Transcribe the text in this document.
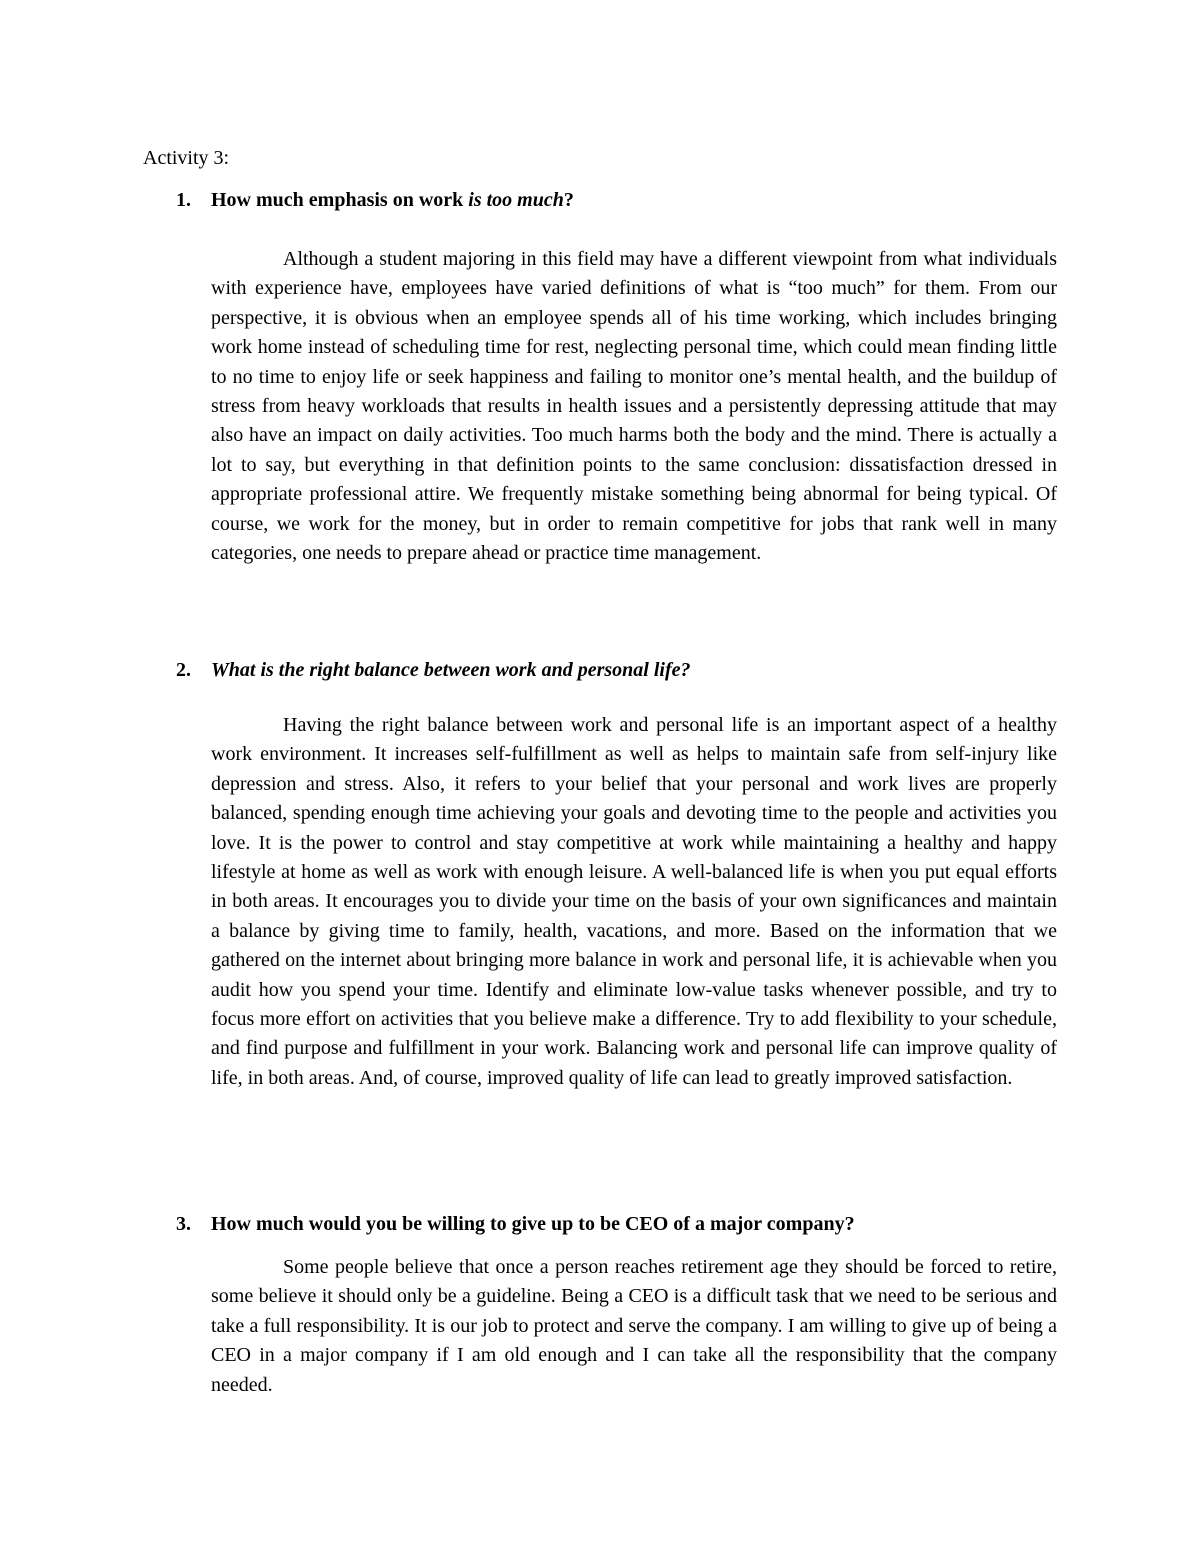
Activity 3:
1. How much emphasis on work is too much?

Although a student majoring in this field may have a different viewpoint from what individuals with experience have, employees have varied definitions of what is “too much” for them. From our perspective, it is obvious when an employee spends all of his time working, which includes bringing work home instead of scheduling time for rest, neglecting personal time, which could mean finding little to no time to enjoy life or seek happiness and failing to monitor one’s mental health, and the buildup of stress from heavy workloads that results in health issues and a persistently depressing attitude that may also have an impact on daily activities. Too much harms both the body and the mind. There is actually a lot to say, but everything in that definition points to the same conclusion: dissatisfaction dressed in appropriate professional attire. We frequently mistake something being abnormal for being typical. Of course, we work for the money, but in order to remain competitive for jobs that rank well in many categories, one needs to prepare ahead or practice time management.

2. What is the right balance between work and personal life?

Having the right balance between work and personal life is an important aspect of a healthy work environment. It increases self-fulfillment as well as helps to maintain safe from self-injury like depression and stress. Also, it refers to your belief that your personal and work lives are properly balanced, spending enough time achieving your goals and devoting time to the people and activities you love. It is the power to control and stay competitive at work while maintaining a healthy and happy lifestyle at home as well as work with enough leisure. A well-balanced life is when you put equal efforts in both areas. It encourages you to divide your time on the basis of your own significances and maintain a balance by giving time to family, health, vacations, and more. Based on the information that we gathered on the internet about bringing more balance in work and personal life, it is achievable when you audit how you spend your time. Identify and eliminate low-value tasks whenever possible, and try to focus more effort on activities that you believe make a difference. Try to add flexibility to your schedule, and find purpose and fulfillment in your work. Balancing work and personal life can improve quality of life, in both areas. And, of course, improved quality of life can lead to greatly improved satisfaction.

3. How much would you be willing to give up to be CEO of a major company?

Some people believe that once a person reaches retirement age they should be forced to retire, some believe it should only be a guideline. Being a CEO is a difficult task that we need to be serious and take a full responsibility. It is our job to protect and serve the company. I am willing to give up of being a CEO in a major company if I am old enough and I can take all the responsibility that the company needed.
